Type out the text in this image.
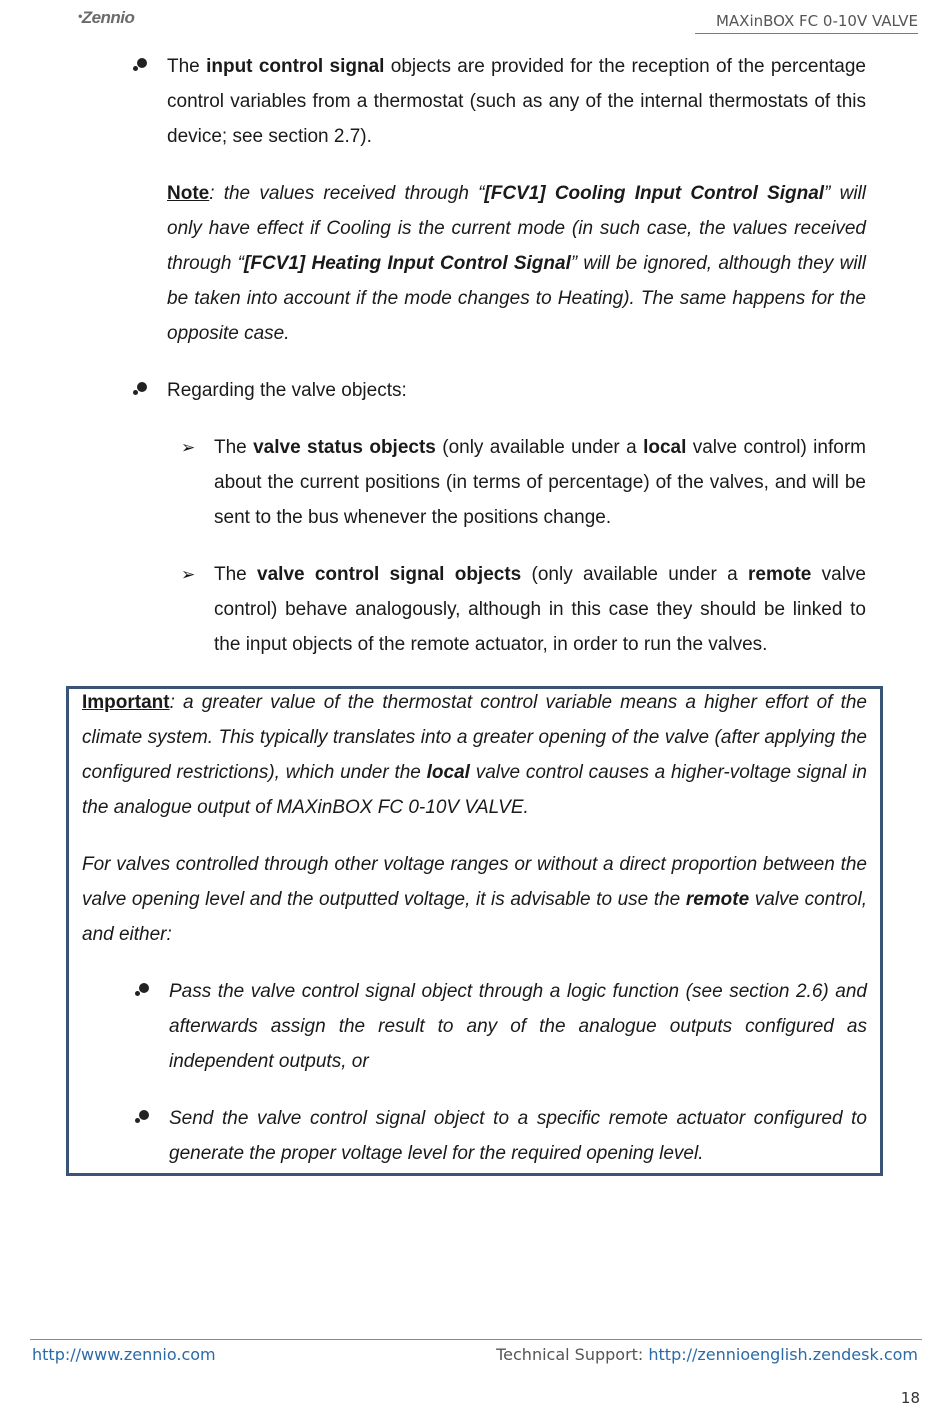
•Zennio	MAXinBOX FC 0-10V VALVE

The input control signal objects are provided for the reception of the percentage control variables from a thermostat (such as any of the internal thermostats of this device; see section 2.7).

Note: the values received through “[FCV1] Cooling Input Control Signal” will only have effect if Cooling is the current mode (in such case, the values received through “[FCV1] Heating Input Control Signal” will be ignored, although they will be taken into account if the mode changes to Heating). The same happens for the opposite case.

Regarding the valve objects:

➢ The valve status objects (only available under a local valve control) inform about the current positions (in terms of percentage) of the valves, and will be sent to the bus whenever the positions change.

➢ The valve control signal objects (only available under a remote valve control) behave analogously, although in this case they should be linked to the input objects of the remote actuator, in order to run the valves.

Important: a greater value of the thermostat control variable means a higher effort of the climate system. This typically translates into a greater opening of the valve (after applying the configured restrictions), which under the local valve control causes a higher-voltage signal in the analogue output of MAXinBOX FC 0-10V VALVE.

For valves controlled through other voltage ranges or without a direct proportion between the valve opening level and the outputted voltage, it is advisable to use the remote valve control, and either:

Pass the valve control signal object through a logic function (see section 2.6) and afterwards assign the result to any of the analogue outputs configured as independent outputs, or

Send the valve control signal object to a specific remote actuator configured to generate the proper voltage level for the required opening level.

http://www.zennio.com	Technical Support: http://zennioenglish.zendesk.com
18
